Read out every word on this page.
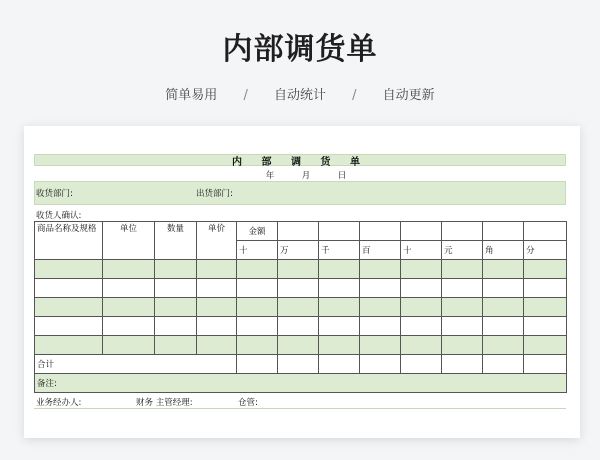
内部调货单
简单易用 / 自动统计 / 自动更新
内 部 调 货 单
年	月	日
收货部门:	出货部门:
收货人确认:
商品名称及规格	单位	数量	单价	金额							
				十	万	千	百	十	元	角	分

合计											
备注:											
业务经办人:	财务 主管经理:	仓管:
